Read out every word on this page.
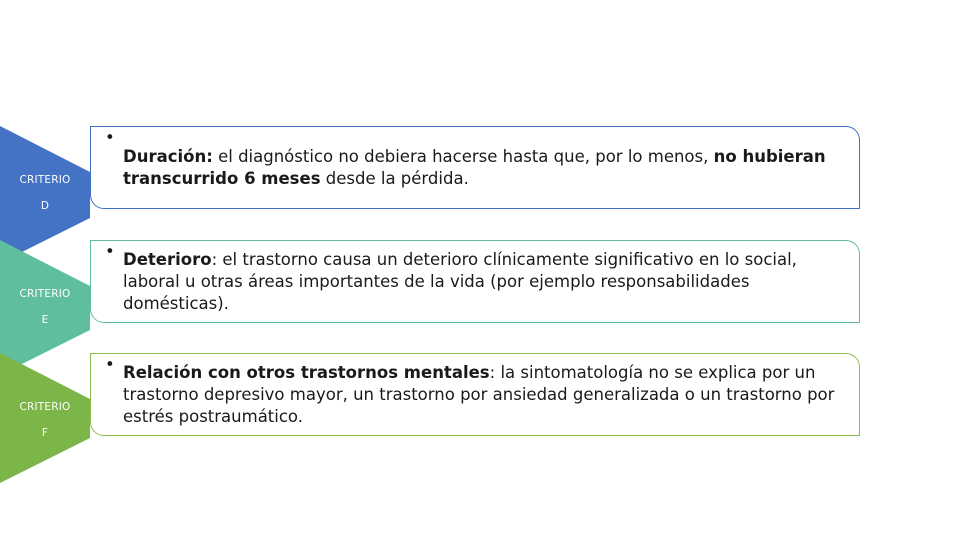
CRITERIO
D
CRITERIO
E
CRITERIO
F
•
Duración: el diagnóstico no debiera hacerse hasta que, por lo menos, no hubieran transcurrido 6 meses desde la pérdida.
• Deterioro: el trastorno causa un deterioro clínicamente significativo en lo social, laboral u otras áreas importantes de la vida (por ejemplo responsabilidades domésticas).
• Relación con otros trastornos mentales: la sintomatología no se explica por un trastorno depresivo mayor, un trastorno por ansiedad generalizada o un trastorno por estrés postraumático.
